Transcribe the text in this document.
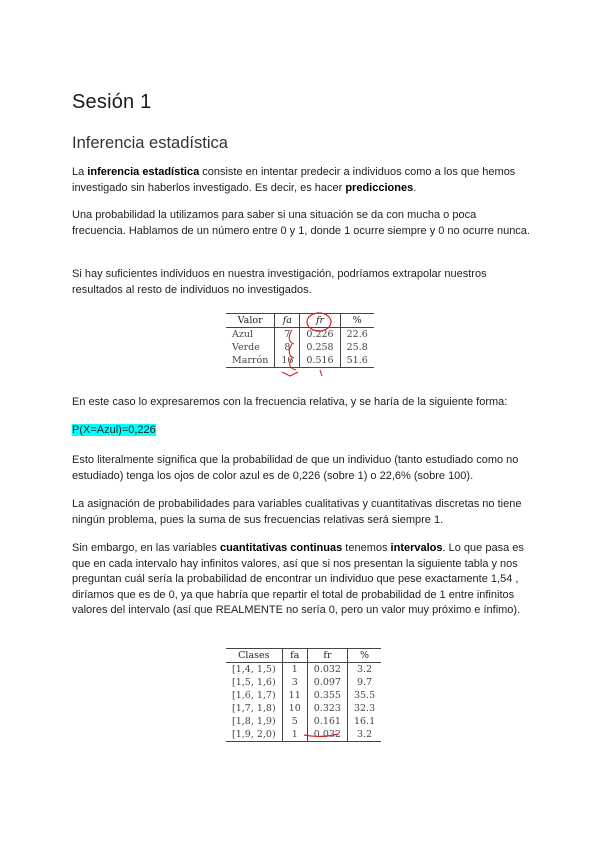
Sesión 1
Inferencia estadística

La inferencia estadística consiste en intentar predecir a individuos como a los que hemos investigado sin haberlos investigado. Es decir, es hacer predicciones.

Una probabilidad la utilizamos para saber si una situación se da con mucha o poca frecuencia. Hablamos de un número entre 0 y 1, donde 1 ocurre siempre y 0 no ocurre nunca.

Si hay suficientes individuos en nuestra investigación, podríamos extrapolar nuestros resultados al resto de individuos no investigados.

Valor	fa	fr	%
Azul	7	0.226	22.6
Verde	8	0.258	25.8
Marrón	16	0.516	51.6

En este caso lo expresaremos con la frecuencia relativa, y se haría de la siguiente forma:

P(X=Azul)=0,226

Esto literalmente significa que la probabilidad de que un individuo (tanto estudiado como no estudiado) tenga los ojos de color azul es de 0,226 (sobre 1) o 22,6% (sobre 100).

La asignación de probabilidades para variables cualitativas y cuantitativas discretas no tiene ningún problema, pues la suma de sus frecuencias relativas será siempre 1.

Sin embargo, en las variables cuantitativas continuas tenemos intervalos. Lo que pasa es que en cada intervalo hay infinitos valores, así que si nos presentan la siguiente tabla y nos preguntan cuál sería la probabilidad de encontrar un individuo que pese exactamente 1,54 , diríamos que es de 0, ya que habría que repartir el total de probabilidad de 1 entre infinitos valores del intervalo (así que REALMENTE no sería 0, pero un valor muy próximo e ínfimo).

Clases	fa	fr	%
[1,4, 1,5)	1	0.032	3.2
[1,5, 1,6)	3	0.097	9.7
[1,6, 1,7)	11	0.355	35.5
[1,7, 1,8)	10	0.323	32.3
[1,8, 1,9)	5	0.161	16.1
[1,9, 2,0)	1	0.032	3.2
